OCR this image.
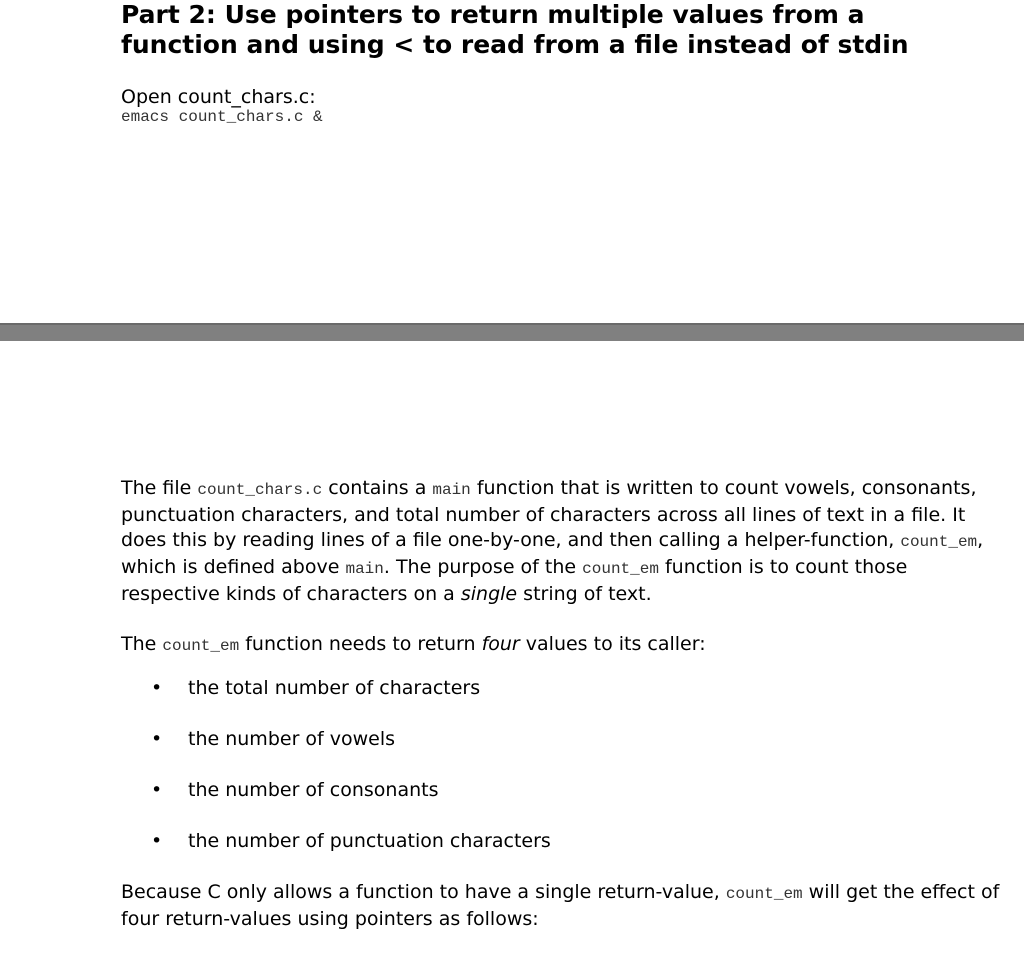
Part 2: Use pointers to return multiple values from a
function and using < to read from a file instead of stdin
Open count_chars.c:
emacs count_chars.c &

The file count_chars.c contains a main function that is written to count vowels, consonants, punctuation characters, and total number of characters across all lines of text in a file. It does this by reading lines of a file one-by-one, and then calling a helper-function, count_em, which is defined above main. The purpose of the count_em function is to count those respective kinds of characters on a single string of text.

The count_em function needs to return four values to its caller:

• the total number of characters
• the number of vowels
• the number of consonants
• the number of punctuation characters

Because C only allows a function to have a single return-value, count_em will get the effect of four return-values using pointers as follows:
